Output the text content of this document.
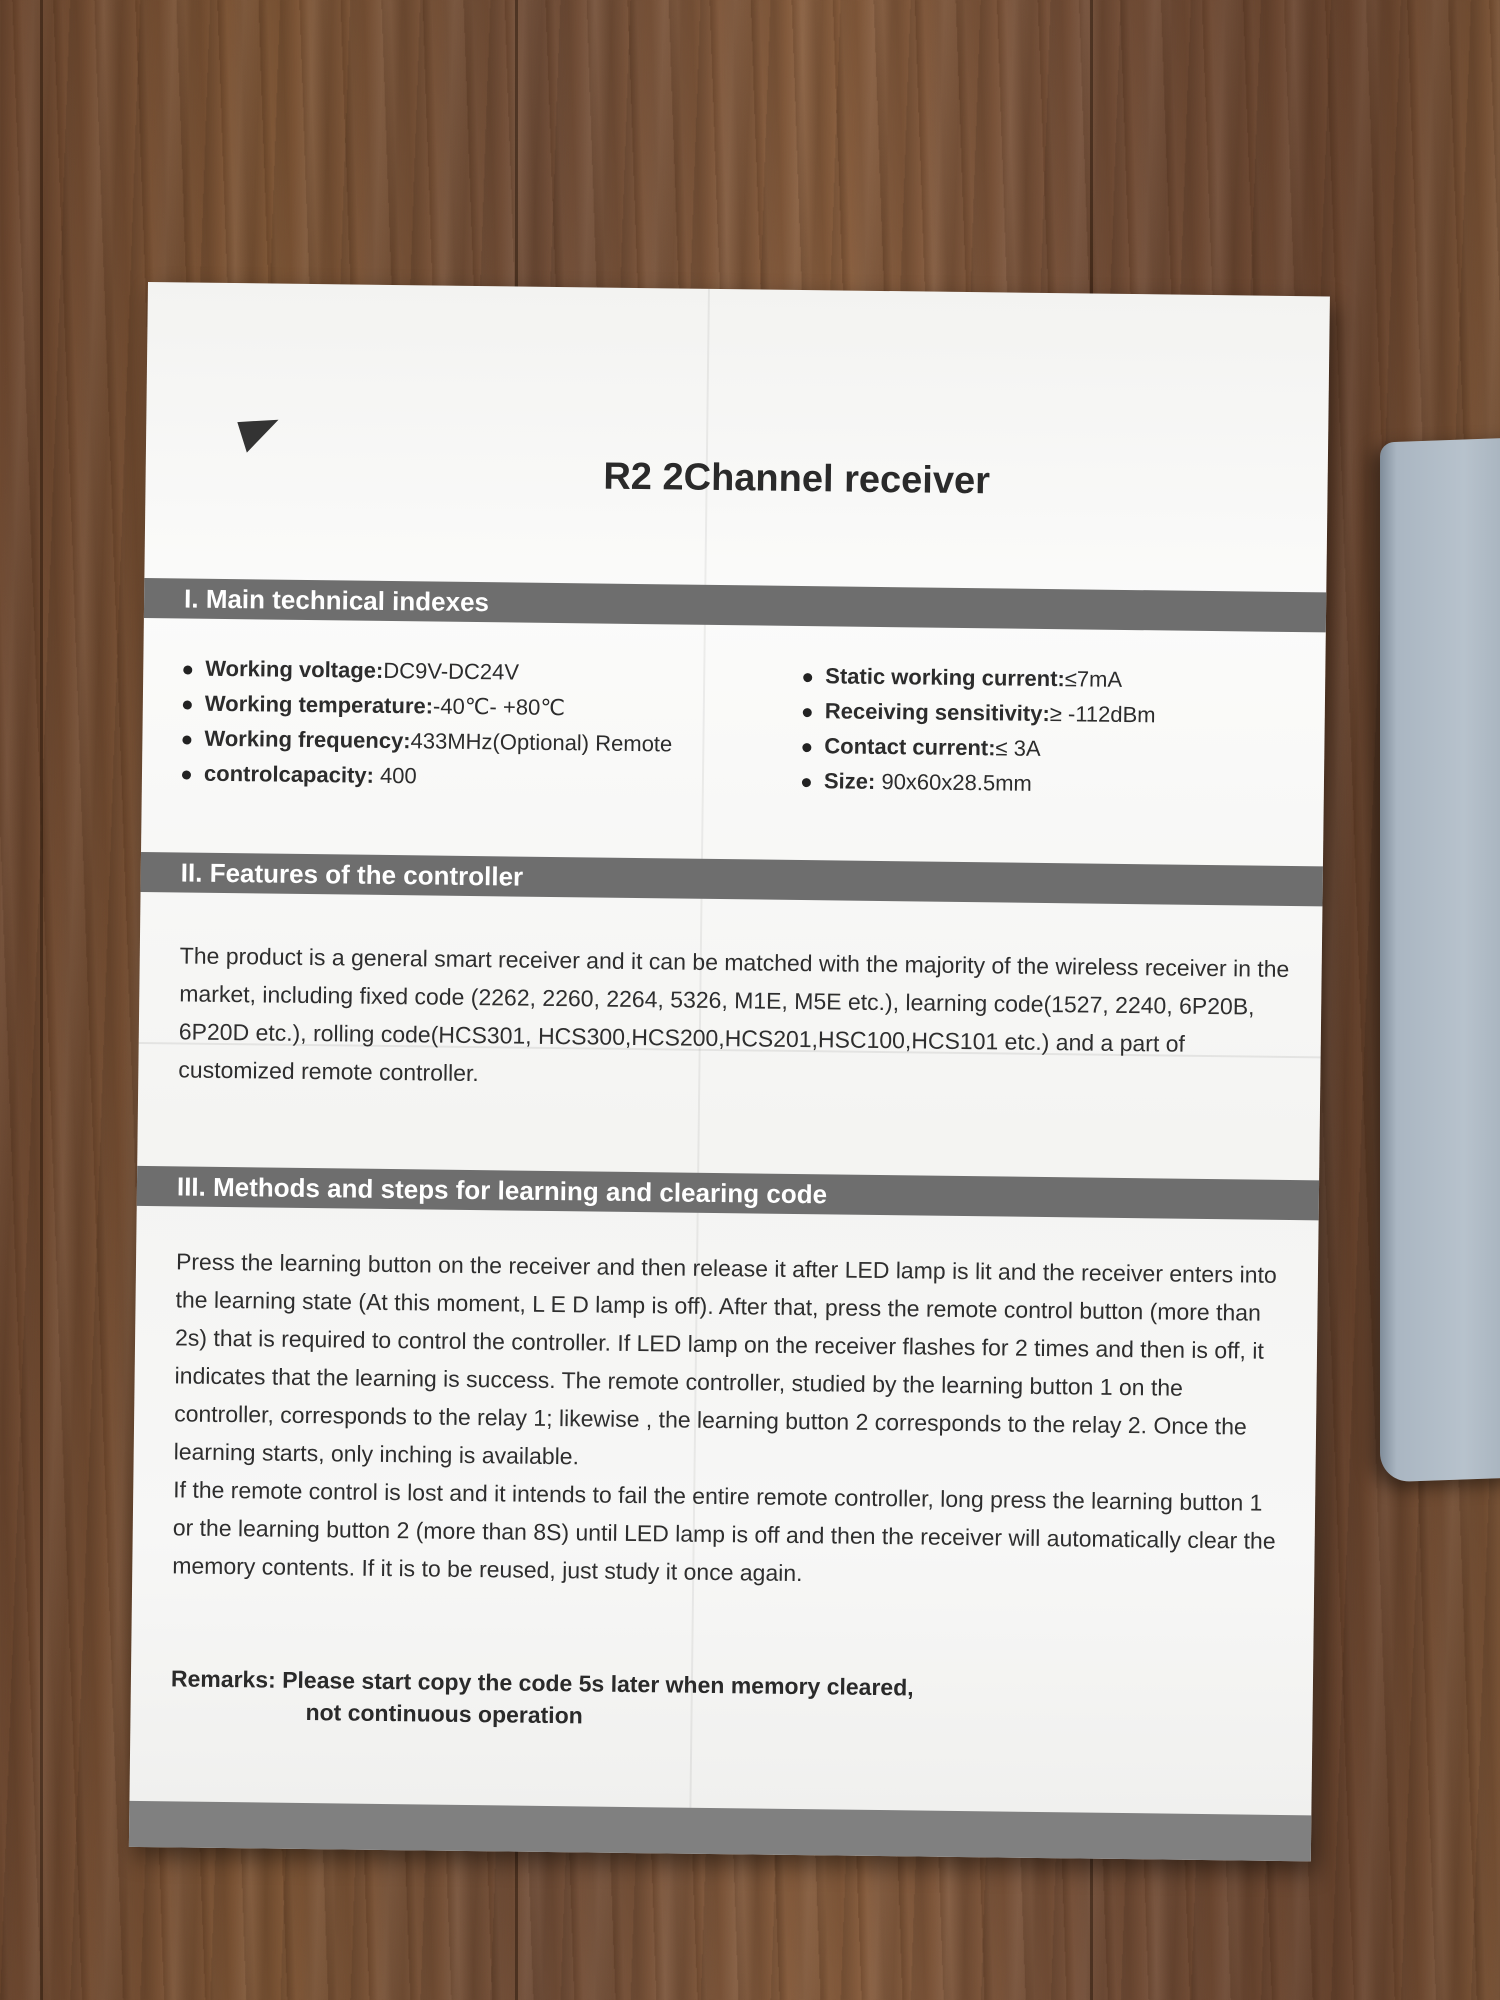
R2 2Channel receiver
I. Main technical indexes
Working voltage:DC9V-DC24V
Working temperature:-40℃- +80℃
Working frequency:433MHz(Optional) Remote
controlcapacity: 400
Static working current:≤7mA
Receiving sensitivity:≥ -112dBm
Contact current:≤ 3A
Size: 90x60x28.5mm
II. Features of the controller

The product is a general smart receiver and it can be matched with the majority of the wireless receiver in the market, including fixed code (2262, 2260, 2264, 5326, M1E, M5E etc.), learning code(1527, 2240, 6P20B, 6P20D etc.), rolling code(HCS301, HCS300,HCS200,HCS201,HSC100,HCS101 etc.) and a part of customized remote controller.

III. Methods and steps for learning and clearing code

Press the learning button on the receiver and then release it after LED lamp is lit and the receiver enters into the learning state (At this moment, L E D lamp is off). After that, press the remote control button (more than 2s) that is required to control the controller. If LED lamp on the receiver flashes for 2 times and then is off, it indicates that the learning is success. The remote controller, studied by the learning button 1 on the controller, corresponds to the relay 1; likewise , the learning button 2 corresponds to the relay 2. Once the learning starts, only inching is available.

If the remote control is lost and it intends to fail the entire remote controller, long press the learning button 1 or the learning button 2 (more than 8S) until LED lamp is off and then the receiver will automatically clear the memory contents. If it is to be reused, just study it once again.

Remarks: Please start copy the code 5s later when memory cleared,
not continuous operation
